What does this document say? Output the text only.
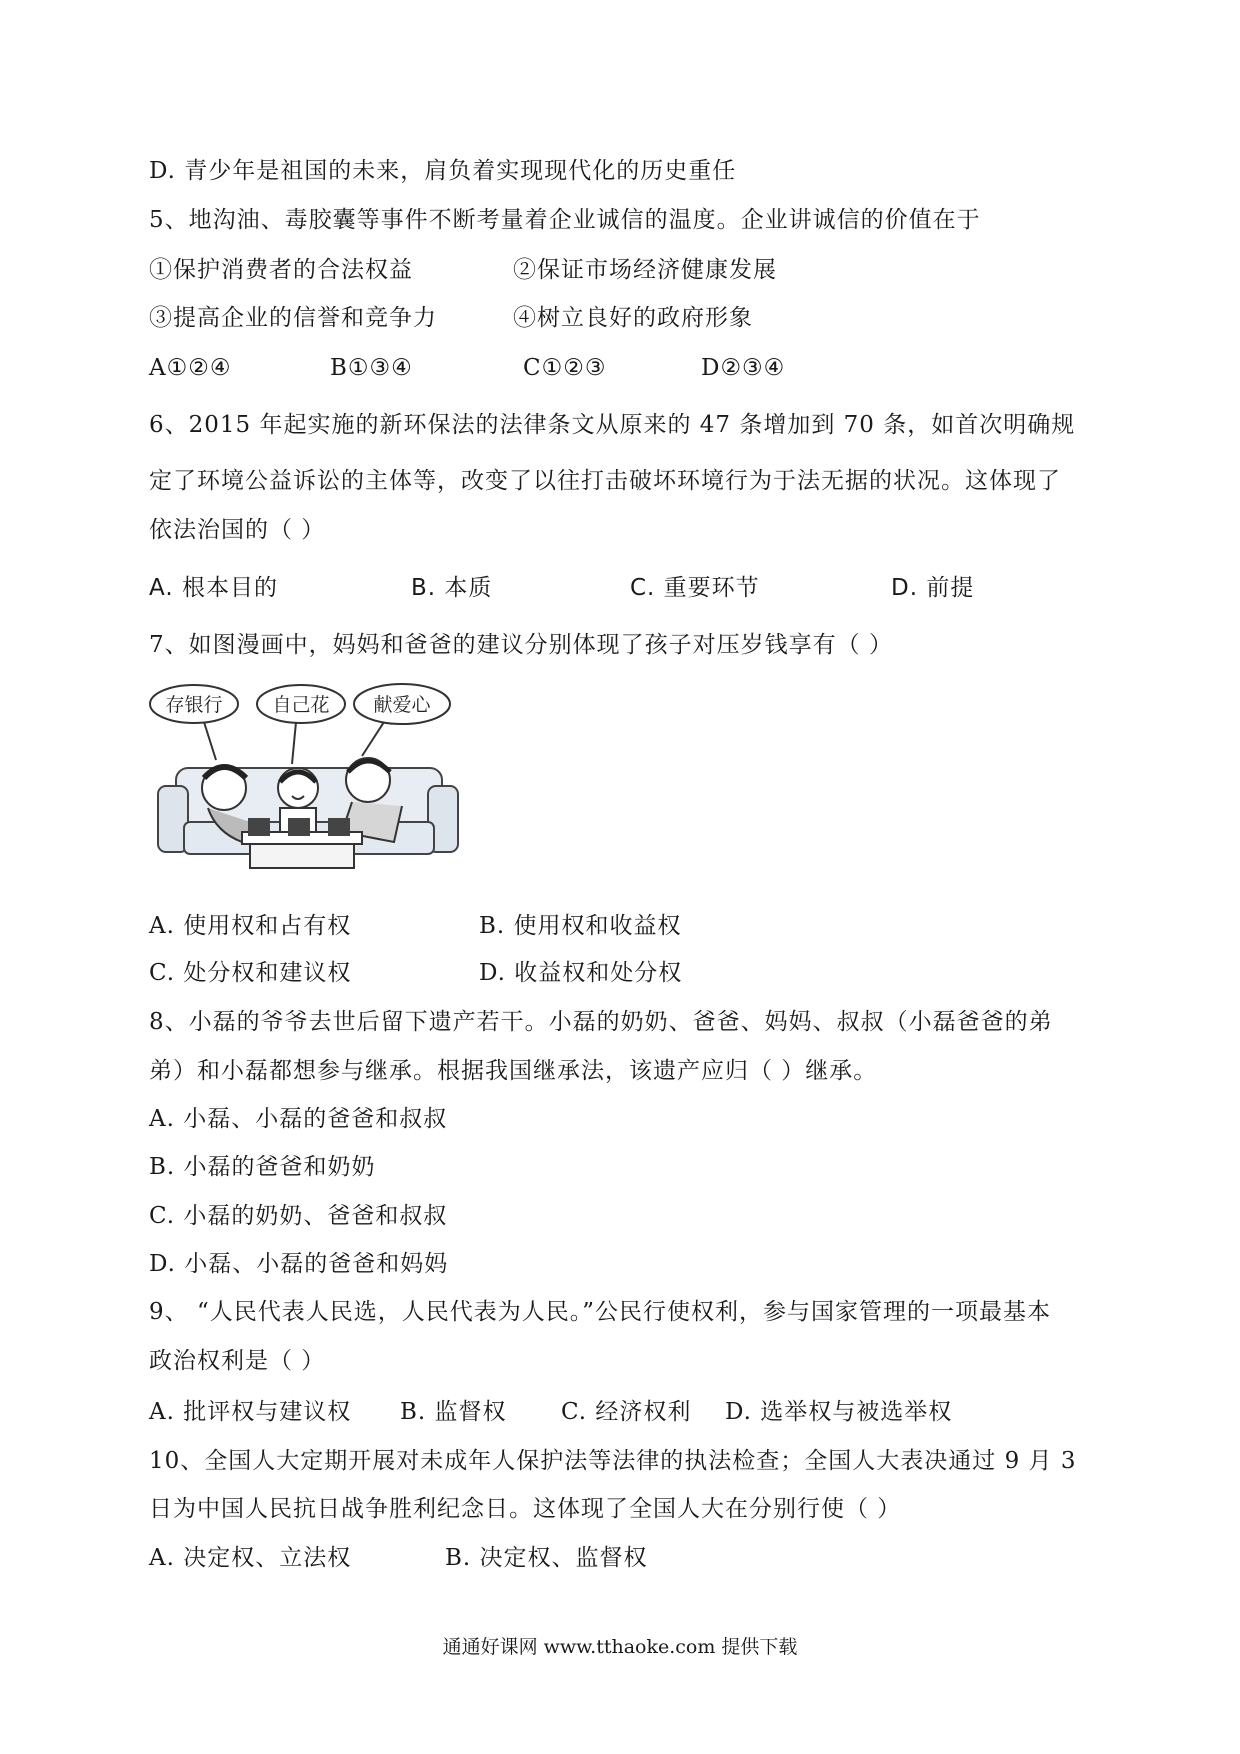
D. 青少年是祖国的未来，肩负着实现现代化的历史重任
5、地沟油、毒胶囊等事件不断考量着企业诚信的温度。企业讲诚信的价值在于
①保护消费者的合法权益	②保证市场经济健康发展
③提高企业的信誉和竞争力	④树立良好的政府形象
A①②④	B①③④	C①②③	D②③④
6、2015 年起实施的新环保法的法律条文从原来的 47 条增加到 70 条，如首次明确规
定了环境公益诉讼的主体等，改变了以往打击破坏环境行为于法无据的状况。这体现了
依法治国的（ ）
A. 根本目的	B. 本质	C. 重要环节	D. 前提
7、如图漫画中，妈妈和爸爸的建议分别体现了孩子对压岁钱享有（ ）
存银行	自己花 献爱心
A. 使用权和占有权	B. 使用权和收益权
C. 处分权和建议权	D. 收益权和处分权
8、小磊的爷爷去世后留下遗产若干。小磊的奶奶、爸爸、妈妈、叔叔（小磊爸爸的弟
弟）和小磊都想参与继承。根据我国继承法，该遗产应归（ ）继承。
A. 小磊、小磊的爸爸和叔叔
B. 小磊的爸爸和奶奶
C. 小磊的奶奶、爸爸和叔叔
D. 小磊、小磊的爸爸和妈妈
9、 “人民代表人民选，人民代表为人民。”公民行使权利，参与国家管理的一项最基本
政治权利是（ ）
A. 批评权与建议权 B. 监督权 C. 经济权利 D. 选举权与被选举权
10、全国人大定期开展对未成年人保护法等法律的执法检查；全国人大表决通过 9 月 3
日为中国人民抗日战争胜利纪念日。这体现了全国人大在分别行使（ ）
A. 决定权、立法权	B. 决定权、监督权
通通好课网 www.tthaoke.com 提供下载
